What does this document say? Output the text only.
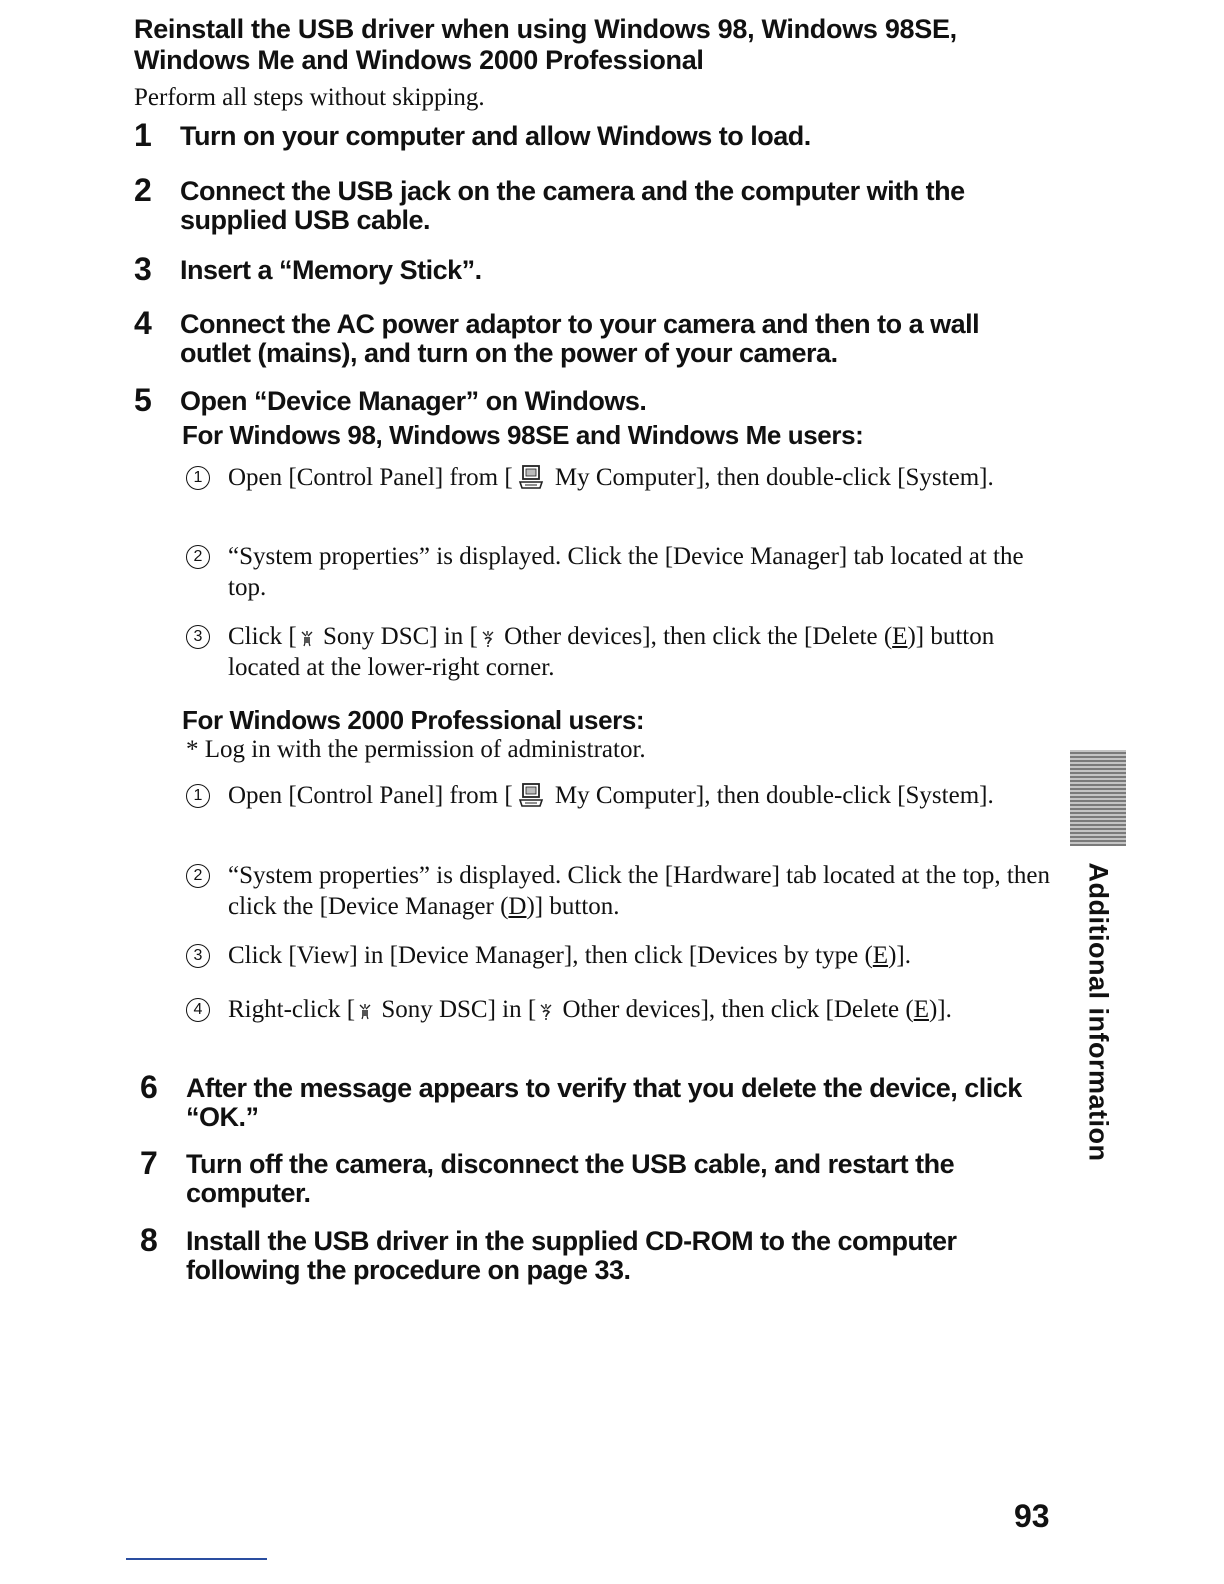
Reinstall the USB driver when using Windows 98, Windows 98SE, Windows Me and Windows 2000 Professional

Perform all steps without skipping.

1 Turn on your computer and allow Windows to load.
2 Connect the USB jack on the camera and the computer with the supplied USB cable.
3 Insert a “Memory Stick”.
4 Connect the AC power adaptor to your camera and then to a wall outlet (mains), and turn on the power of your camera.
5 Open “Device Manager” on Windows.
For Windows 98, Windows 98SE and Windows Me users:
1	Open [Control Panel] from [ My Computer], then double-click [System].
2	“System properties” is displayed. Click the [Device Manager] tab located at the top.
3	Click [ Sony DSC] in [ Other devices], then click the [Delete (E)] button located at the lower-right corner.
For Windows 2000 Professional users:

* Log in with the permission of administrator.

1	Open [Control Panel] from [ My Computer], then double-click [System].
2	“System properties” is displayed. Click the [Hardware] tab located at the top, then click the [Device Manager (D)] button.
3	Click [View] in [Device Manager], then click [Devices by type (E)].
4	Right-click [ Sony DSC] in [ Other devices], then click [Delete (E)].
6 After the message appears to verify that you delete the device, click “OK.”
7 Turn off the camera, disconnect the USB cable, and restart the computer.
8 Install the USB driver in the supplied CD-ROM to the computer following the procedure on page 33.
Additional information
93
